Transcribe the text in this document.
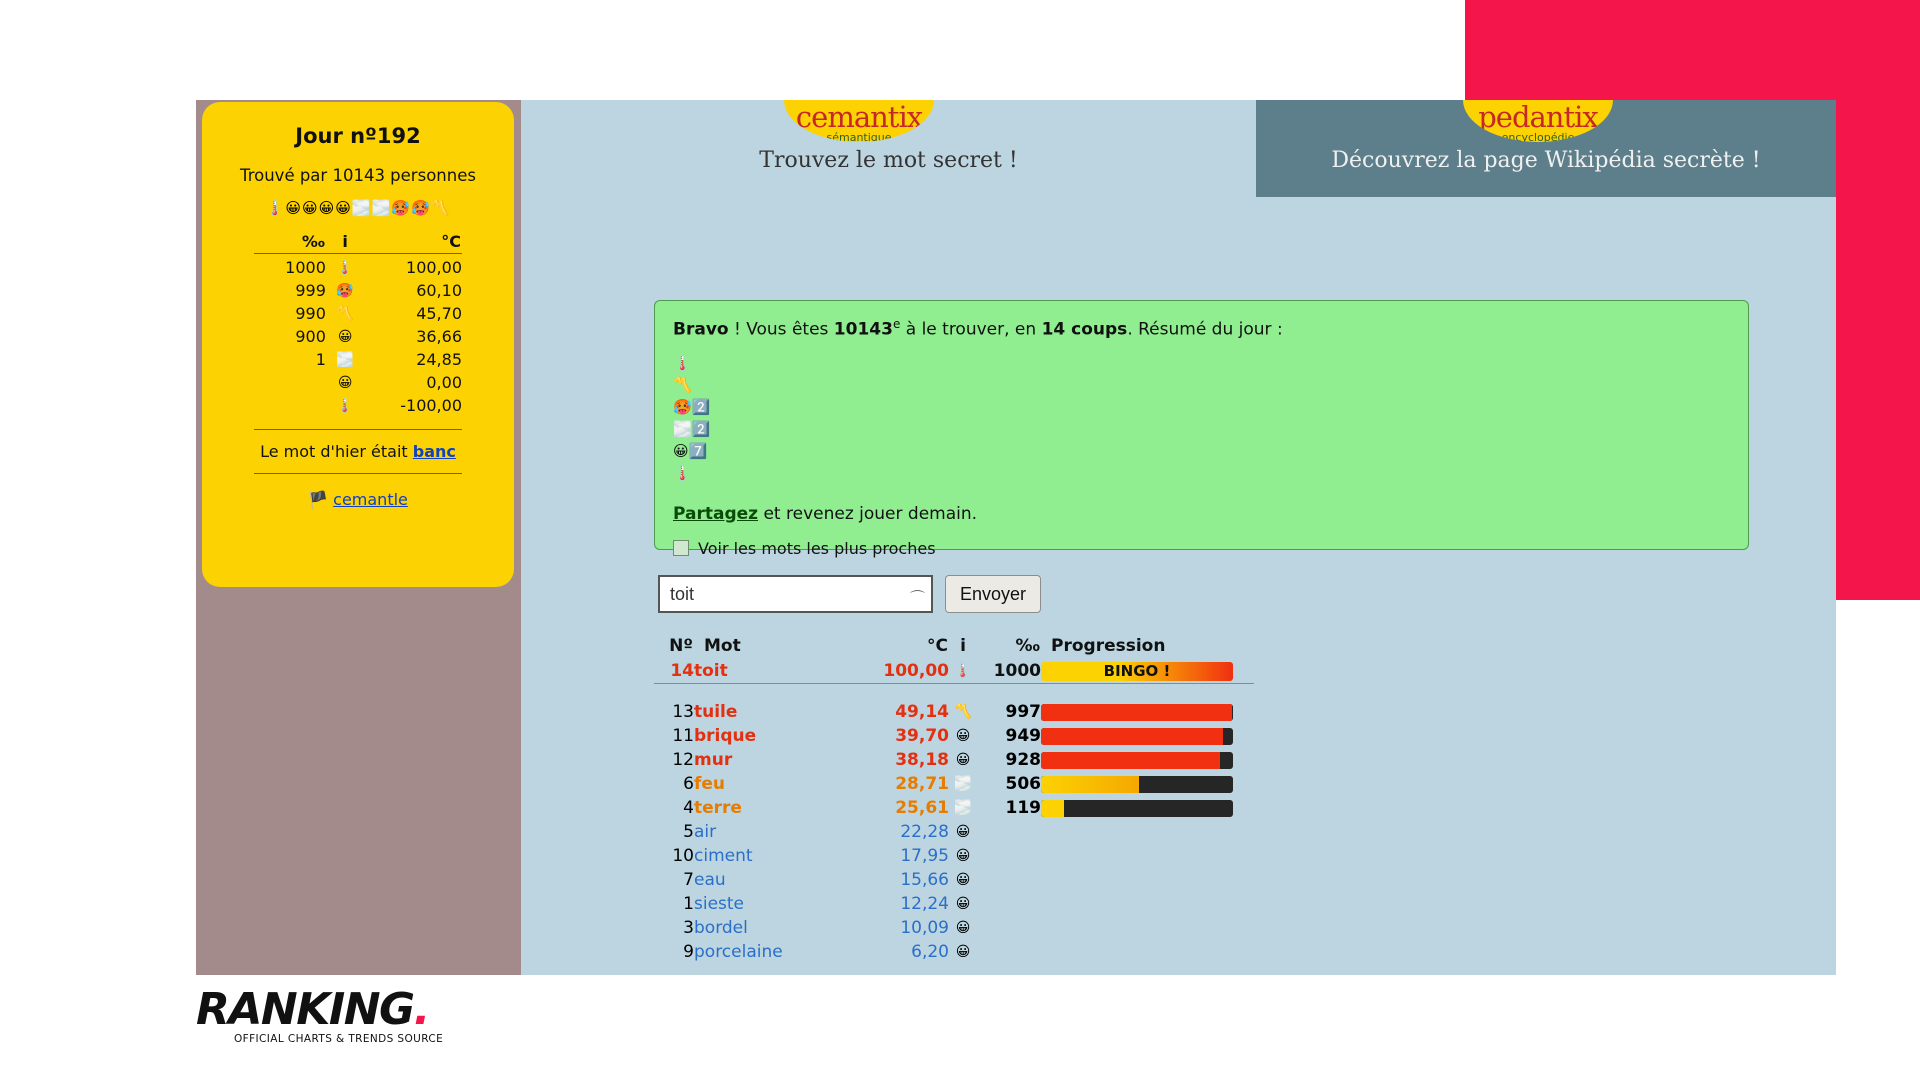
Jour nº192
Trouvé par 10143 personnes
🌡️😀😀😀😀🌫️🌫️🥵🥵〽️
‰	i	°C
1000	🌡️	100,00
999	🥵	60,10
990	〽️	45,70
900	😀	36,66
1	🌫️	24,85
	😀	0,00
	🌡️	-100,00
Le mot d'hier était banc
🏴 cemantle
cemantix
sémantique
Trouvez le mot secret !
pedantix
encyclopédie
Découvrez la page Wikipédia secrète !
Bravo ! Vous êtes 10143e à le trouver, en 14 coups. Résumé du jour :
🌡️
〽️
🥵2️⃣
🌫️2️⃣
😀7️⃣
🌡️
Partagez et revenez jouer demain.
Voir les mots les plus proches
toit
⌒	Envoyer
Nº	Mot	°C	i	‰	Progression
14	toit	100,00	🌡️	1000	BINGO !

13	tuile	49,14	〽️	997	

11	brique	39,70	😀	949	

12	mur	38,18	😀	928	

6	feu	28,71	🌫️	506	

4	terre	25,61	🌫️	119	

5	air	22,28	😀		
10	ciment	17,95	😀		
7	eau	15,66	😀		
1	sieste	12,24	😀		
3	bordel	10,09	😀		
9	porcelaine	6,20	😀		
RANKING.
OFFICIAL CHARTS & TRENDS SOURCE
